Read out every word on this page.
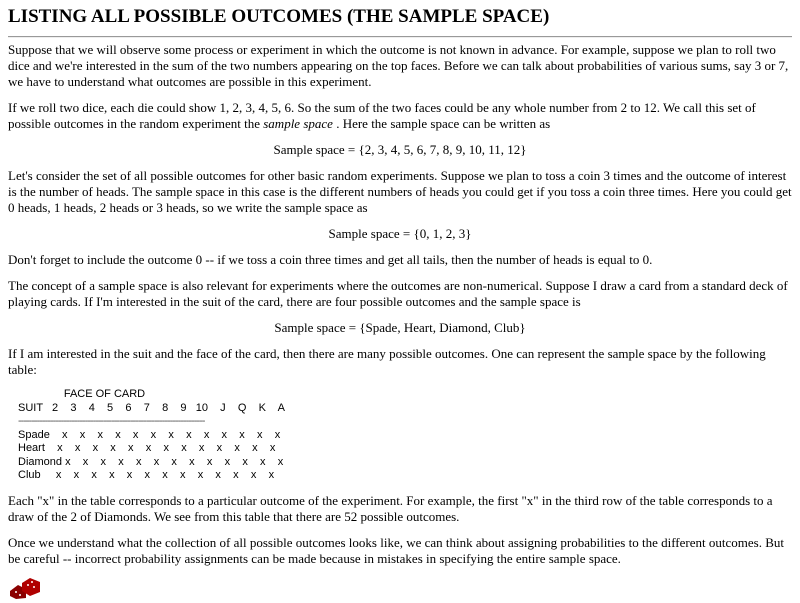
LISTING ALL POSSIBLE OUTCOMES (THE SAMPLE SPACE)

Suppose that we will observe some process or experiment in which the outcome is not known in advance. For example, suppose we plan to roll two dice and we're interested in the sum of the two numbers appearing on the top faces. Before we can talk about probabilities of various sums, say 3 or 7, we have to understand what outcomes are possible in this experiment.

If we roll two dice, each die could show 1, 2, 3, 4, 5, 6. So the sum of the two faces could be any whole number from 2 to 12. We call this set of possible outcomes in the random experiment the sample space . Here the sample space can be written as

Sample space = {2, 3, 4, 5, 6, 7, 8, 9, 10, 11, 12}

Let's consider the set of all possible outcomes for other basic random experiments. Suppose we plan to toss a coin 3 times and the outcome of interest is the number of heads. The sample space in this case is the different numbers of heads you could get if you toss a coin three times. Here you could get 0 heads, 1 heads, 2 heads or 3 heads, so we write the sample space as

Sample space = {0, 1, 2, 3}

Don't forget to include the outcome 0 -- if we toss a coin three times and get all tails, then the number of heads is equal to 0.

The concept of a sample space is also relevant for experiments where the outcomes are non-numerical. Suppose I draw a card from a standard deck of playing cards. If I'm interested in the suit of the card, there are four possible outcomes and the sample space is

Sample space = {Spade, Heart, Diamond, Club}

If I am interested in the suit and the face of the card, then there are many possible outcomes. One can represent the sample space by the following table:

FACE OF CARD
SUIT   2    3    4    5    6    7    8    9   10    J    Q    K    A
----------------------------------------------------------------------
Spade    x    x    x    x    x    x    x    x    x    x    x    x    x
Heart    x    x    x    x    x    x    x    x    x    x    x    x    x
Diamond x    x    x    x    x    x    x    x    x    x    x    x    x
Club     x    x    x    x    x    x    x    x    x    x    x    x    x

Each "x" in the table corresponds to a particular outcome of the experiment. For example, the first "x" in the third row of the table corresponds to a draw of the 2 of Diamonds. We see from this table that there are 52 possible outcomes.

Once we understand what the collection of all possible outcomes looks like, we can think about assigning probabilities to the different outcomes. But be careful -- incorrect probability assignments can be made because in mistakes in specifying the entire sample space.
